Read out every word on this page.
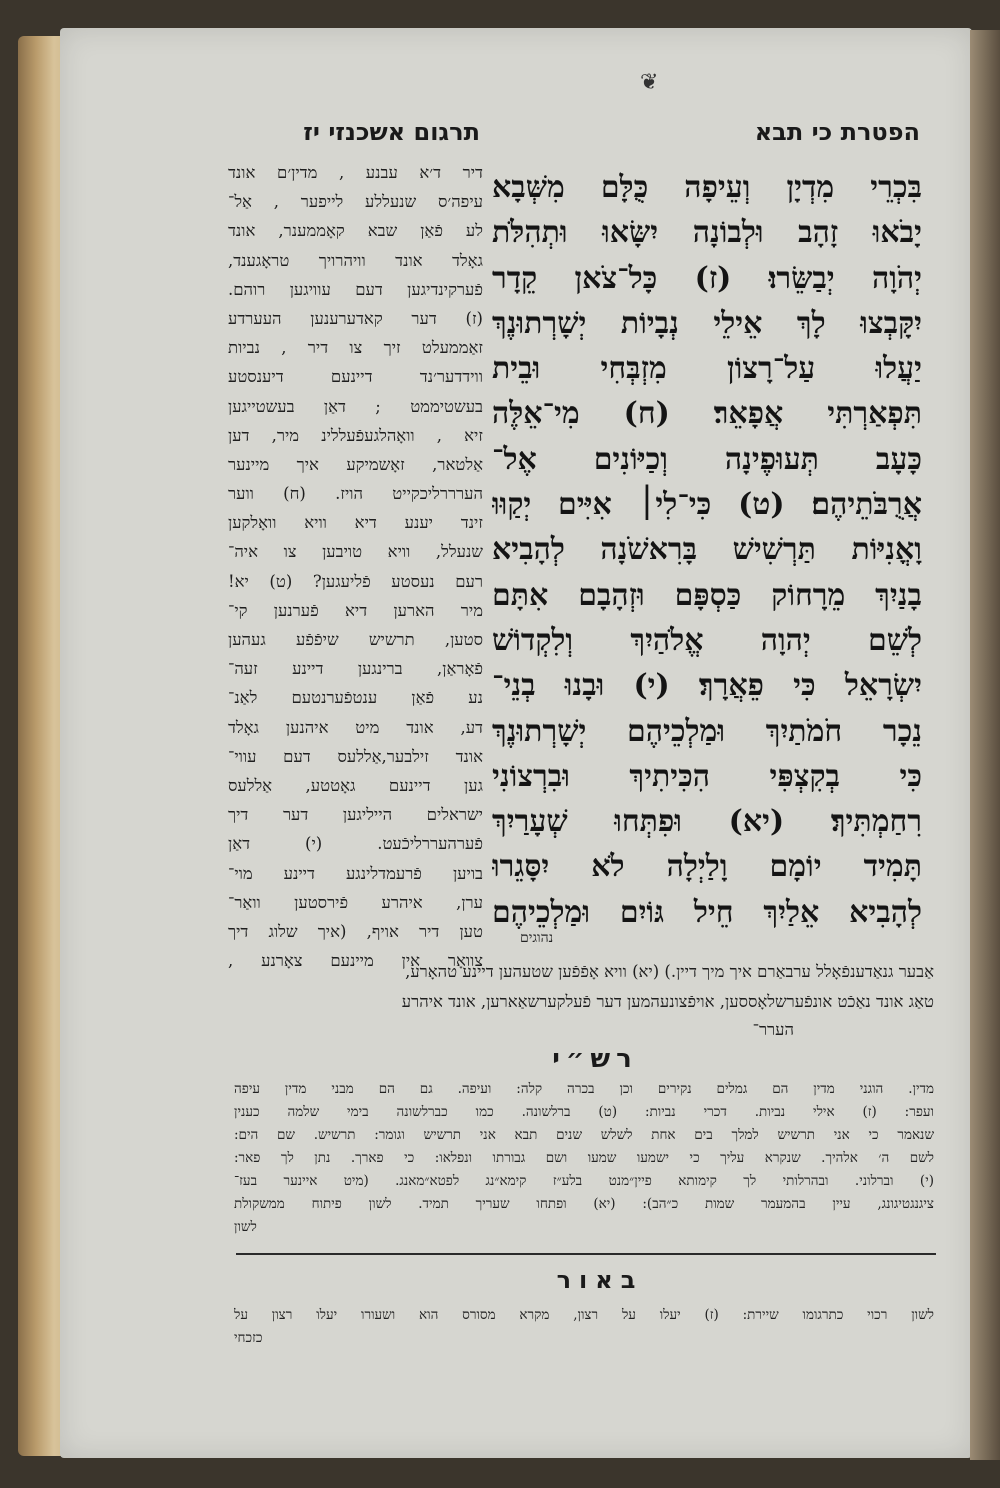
❦
תרגום אשכנזי יז	הפטרת כי תבא
דיר ד׳א עבנע , מדין׳ם אונד
עיפה׳ס שנעללע לייפער , אַל־
לע פֿאַן שבא קאָממענר, אונד
גאָלד אונד וויהרויך טראָגענד,
פֿערקינדיגען דעם עוויגען רוהם.
(ז) דער קאדערענען העערדע
זאַממעלט זיך צו דיר , נביות
ווידדער׳נד דיינעם דיענסטע
בעשטיממט ; דאַן בעשטייגען
זיא , וואָהלגעפֿעללינ מיר, דען
אַלטאר, זאָשמיקע איך מיינער
הערררליכקייט הויז. (ח) ווער
זינד יענע דיא וויא וואָלקען
שנעלל, וויא טויבען צו איה־
רעם נעסטע פֿליעגען? (ט) יא!
מיר הארען דיא פֿערנען קי־
סטען, תרשיש שיפֿפֿע געהען
פֿאָראַן, ברינגען דיינע זעה־
נע פֿאַן ענטפֿערנטעם לאַנ־
דע, אונד מיט איהנען גאָלד
אונד זילבער,אַללעס דעם עווי־
גען דיינעם גאָטטע, אַללעס
ישראלים הייליגען דער דיך
פֿערהעררליכֿעט. (י) דאַן
בויען פֿרעמדלינגע דיינע מוי־
ערן, איהרע פֿירסטען וואַר־
טען דיר אויף, (איך שלוג דיך
צוואָר אין מיינעם צאָרנע ,
בִּכְרֵי מִדְיָן וְעֵיפָה כֻּלָּם מִשְּׁבָא
יָבֹאוּ זָהָב וּלְבוֹנָה יִשָּׂאוּ וּתְהִלֹּת
יְהֹוָה יְבַשֵּׂרוּ׃ (ז) כָּל־צֹאן קֵדָר
יִקָּבְצוּ לָךְ אֵילֵי נְבָיוֹת יְשָׁרְתוּנֶךְ
יַעֲלוּ עַל־רָצוֹן מִזְבְּחִי וּבֵית
תִּפְאַרְתִּי אֲפָאֵר׃ (ח) מִי־אֵלֶּה
כָּעָב תְּעוּפֶינָה וְכַיּוֹנִים אֶל־
אֲרֻבֹּתֵיהֶם׃ (ט) כִּי־לִי׀ אִיִּים יְקַוּוּ
וָאֳנִיּוֹת תַּרְשִׁישׁ בָּרִאשֹׁנָה לְהָבִיא
בָנַיִךְ מֵרָחוֹק כַּסְפָּם וּזְהָבָם אִתָּם
לְשֵׁם יְהוָה אֱלֹהַיִךְ וְלִקְדוֹשׁ
יִשְׂרָאֵל כִּי פֵאֲרָךְ׃ (י) וּבָנוּ בְנֵי־
נֵכָר חֹמֹתַיִךְ וּמַלְכֵיהֶם יְשָׁרְתוּנֶךְ
כִּי בְקִצְפִּי הִכִּיתִיךְ וּבִרְצוֹנִי
רִחַמְתִּיךְ׃ (יא) וּפִתְּחוּ שְׁעָרַיִךְ
תָּמִיד יוֹמָם וָלַיְלָה לֹא יִסָּגֵרוּ
לְהָבִיא אֵלַיִךְ חֵיל גּוֹיִם וּמַלְכֵיהֶם
נהוגים
אַבער גנאַדענפֿאָלל ערבאַרם איך מיך דיין.) (יא) וויא אָפֿפֿען שטעהען דיינע טהאָרע,
טאַג אונד נאַכֿט אונפֿערשלאָססען, אויפֿצונעהמען דער פֿעלקערשאַארען, אונד איהרע
הערר־
רש״י
מדין. הוגני מדין הם גמלים נקירים וכן בכרה קלה: ועיפה. גם הם מבני מדין עיפה
ועפר: (ז) אילי נביות. דכרי נביות: (ט) ברלשונה. כמו כברלשונה בימי שלמה כענין
שנאמר כי אני תרשיש למלך בים אחת לשלש שנים תבא אני תרשיש וגומר: תרשיש. שם הים:
לשם ה׳ אלהיך. שנקרא עליך כי ישמעו שמעו ושם גבורתו ונפלאו: כי פארך. נתן לך פאר:
(י) וברלוני. ובהרלותי לך קימותא פיין״מנט בלע״ז קימא״נג לפטא״מאנג. (מיט איינער בעז־
ציגנגטיגונג, עיין בהמעמר שמות כ״הב): (יא) ופתחו שעריך תמיד. לשון פיתוח ממשקולת
לשון
באור
לשון רכוי כתרגומו שיירת: (ז) יעלו על רצון, מקרא מסורס הוא ושעורו יעלו רצון על
כזכחי
